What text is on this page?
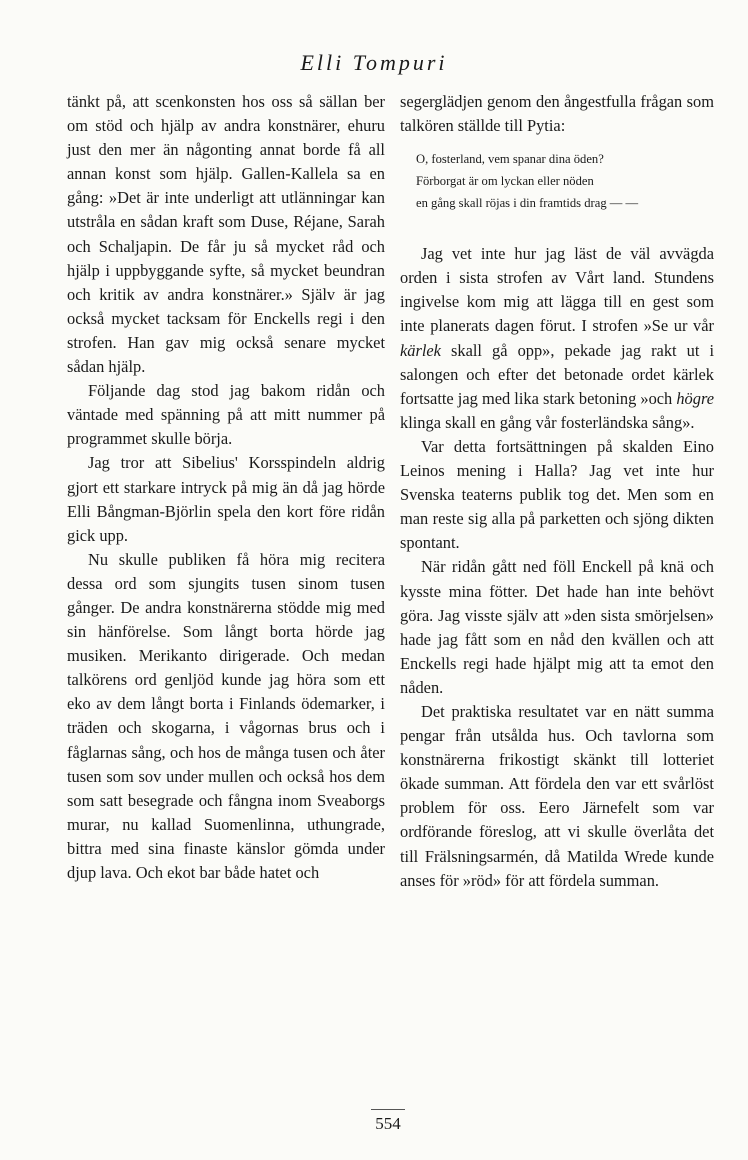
Elli Tompuri

tänkt på, att scenkonsten hos oss så sällan ber om stöd och hjälp av andra konstnärer, ehuru just den mer än någonting annat borde få all annan konst som hjälp. Gallen-Kallela sa en gång: »Det är inte underligt att utlänningar kan utstråla en sådan kraft som Duse, Réjane, Sarah och Schaljapin. De får ju så mycket råd och hjälp i uppbyggande syfte, så mycket beundran och kritik av andra konstnärer.» Själv är jag också mycket tacksam för Enckells regi i den strofen. Han gav mig också senare mycket sådan hjälp.

Följande dag stod jag bakom ridån och väntade med spänning på att mitt nummer på programmet skulle börja.

Jag tror att Sibelius' Korsspindeln aldrig gjort ett starkare intryck på mig än då jag hörde Elli Bångman-Björlin spela den kort före ridån gick upp.

Nu skulle publiken få höra mig recitera dessa ord som sjungits tusen sinom tusen gånger. De andra konstnärerna stödde mig med sin hänförelse. Som långt borta hörde jag musiken. Merikanto dirigerade. Och medan talkörens ord genljöd kunde jag höra som ett eko av dem långt borta i Finlands ödemarker, i träden och skogarna, i vågornas brus och i fåglarnas sång, och hos de många tusen och åter tusen som sov under mullen och också hos dem som satt besegrade och fångna inom Sveaborgs murar, nu kallad Suomenlinna, uthungrade, bittra med sina finaste känslor gömda under djup lava. Och ekot bar både hatet och

segerglädjen genom den ångestfulla frågan som talkören ställde till Pytia:

O, fosterland, vem spanar dina öden?
Förborgat är om lyckan eller nöden
en gång skall röjas i din framtids drag — —

Jag vet inte hur jag läst de väl avvägda orden i sista strofen av Vårt land. Stundens ingivelse kom mig att lägga till en gest som inte planerats dagen förut. I strofen »Se ur vår kärlek skall gå opp», pekade jag rakt ut i salongen och efter det betonade ordet kärlek fortsatte jag med lika stark betoning »och högre klinga skall en gång vår fosterländska sång».

Var detta fortsättningen på skalden Eino Leinos mening i Halla? Jag vet inte hur Svenska teaterns publik tog det. Men som en man reste sig alla på parketten och sjöng dikten spontant.

När ridån gått ned föll Enckell på knä och kysste mina fötter. Det hade han inte behövt göra. Jag visste själv att »den sista smörjelsen» hade jag fått som en nåd den kvällen och att Enckells regi hade hjälpt mig att ta emot den nåden.

Det praktiska resultatet var en nätt summa pengar från utsålda hus. Och tavlorna som konstnärerna frikostigt skänkt till lotteriet ökade summan. Att fördela den var ett svårlöst problem för oss. Eero Järnefelt som var ordförande föreslog, att vi skulle överlåta det till Frälsningsarmén, då Matilda Wrede kunde anses för »röd» för att fördela summan.

554
